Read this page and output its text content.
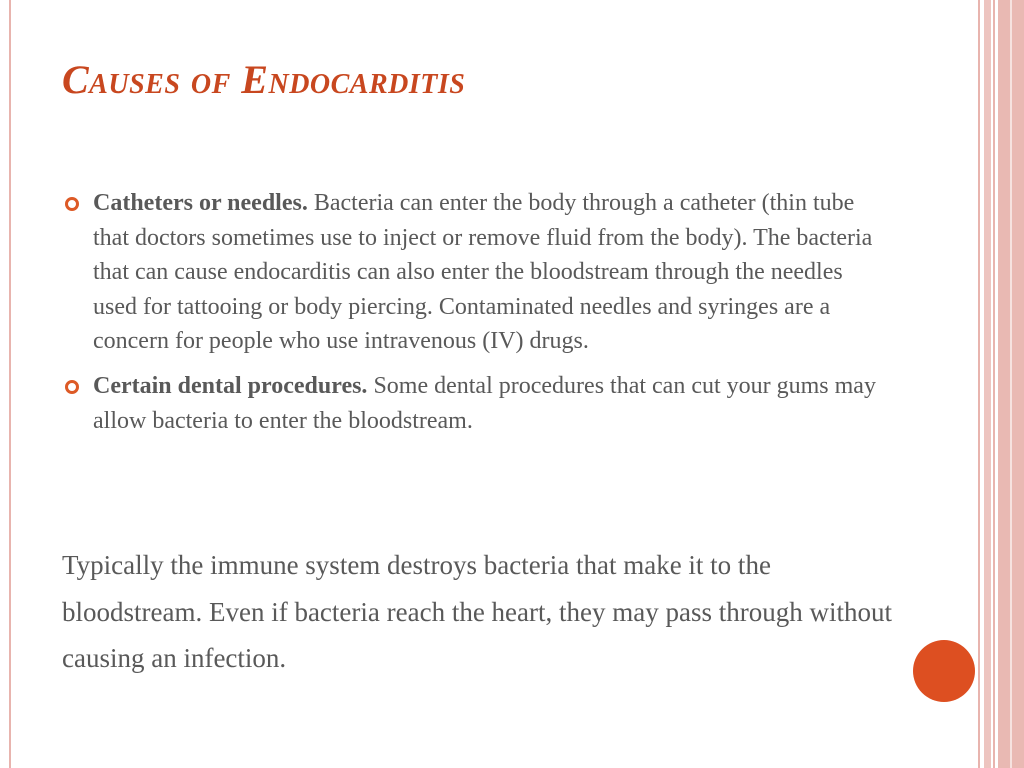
Causes of Endocarditis
Catheters or needles. Bacteria can enter the body through a catheter (thin tube that doctors sometimes use to inject or remove fluid from the body). The bacteria that can cause endocarditis can also enter the bloodstream through the needles used for tattooing or body piercing. Contaminated needles and syringes are a concern for people who use intravenous (IV) drugs.
Certain dental procedures. Some dental procedures that can cut your gums may allow bacteria to enter the bloodstream.

Typically the immune system destroys bacteria that make it to the bloodstream. Even if bacteria reach the heart, they may pass through without causing an infection.
